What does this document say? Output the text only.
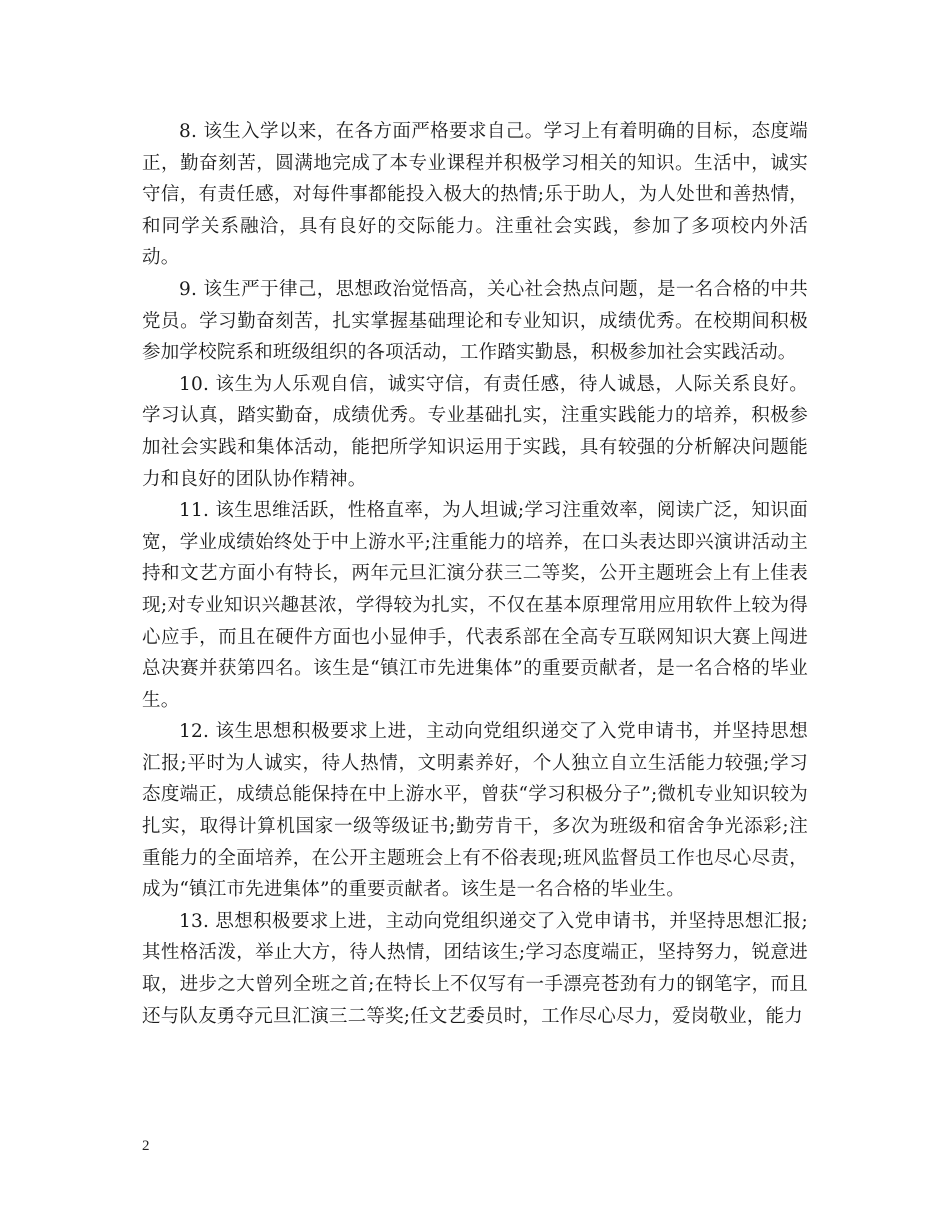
8. 该生入学以来，在各方面严格要求自己。学习上有着明确的目标，态度端正，勤奋刻苦，圆满地完成了本专业课程并积极学习相关的知识。生活中，诚实守信，有责任感，对每件事都能投入极大的热情;乐于助人，为人处世和善热情，和同学关系融洽，具有良好的交际能力。注重社会实践，参加了多项校内外活动。

9. 该生严于律己，思想政治觉悟高，关心社会热点问题，是一名合格的中共党员。学习勤奋刻苦，扎实掌握基础理论和专业知识，成绩优秀。在校期间积极参加学校院系和班级组织的各项活动，工作踏实勤恳，积极参加社会实践活动。

10. 该生为人乐观自信，诚实守信，有责任感，待人诚恳，人际关系良好。学习认真，踏实勤奋，成绩优秀。专业基础扎实，注重实践能力的培养，积极参加社会实践和集体活动，能把所学知识运用于实践，具有较强的分析解决问题能力和良好的团队协作精神。

11. 该生思维活跃，性格直率，为人坦诚;学习注重效率，阅读广泛，知识面宽，学业成绩始终处于中上游水平;注重能力的培养，在口头表达即兴演讲活动主持和文艺方面小有特长，两年元旦汇演分获三二等奖，公开主题班会上有上佳表现;对专业知识兴趣甚浓，学得较为扎实，不仅在基本原理常用应用软件上较为得心应手，而且在硬件方面也小显伸手，代表系部在全高专互联网知识大赛上闯进总决赛并获第四名。该生是“镇江市先进集体”的重要贡献者，是一名合格的毕业生。

12. 该生思想积极要求上进，主动向党组织递交了入党申请书，并坚持思想汇报;平时为人诚实，待人热情，文明素养好，个人独立自立生活能力较强;学习态度端正，成绩总能保持在中上游水平，曾获“学习积极分子”;微机专业知识较为扎实，取得计算机国家一级等级证书;勤劳肯干，多次为班级和宿舍争光添彩;注重能力的全面培养，在公开主题班会上有不俗表现;班风监督员工作也尽心尽责，成为“镇江市先进集体”的重要贡献者。该生是一名合格的毕业生。

13. 思想积极要求上进，主动向党组织递交了入党申请书，并坚持思想汇报;其性格活泼，举止大方，待人热情，团结该生;学习态度端正，坚持努力，锐意进取，进步之大曾列全班之首;在特长上不仅写有一手漂亮苍劲有力的钢笔字，而且还与队友勇夺元旦汇演三二等奖;任文艺委员时，工作尽心尽力，爱岗敬业，能力

2
